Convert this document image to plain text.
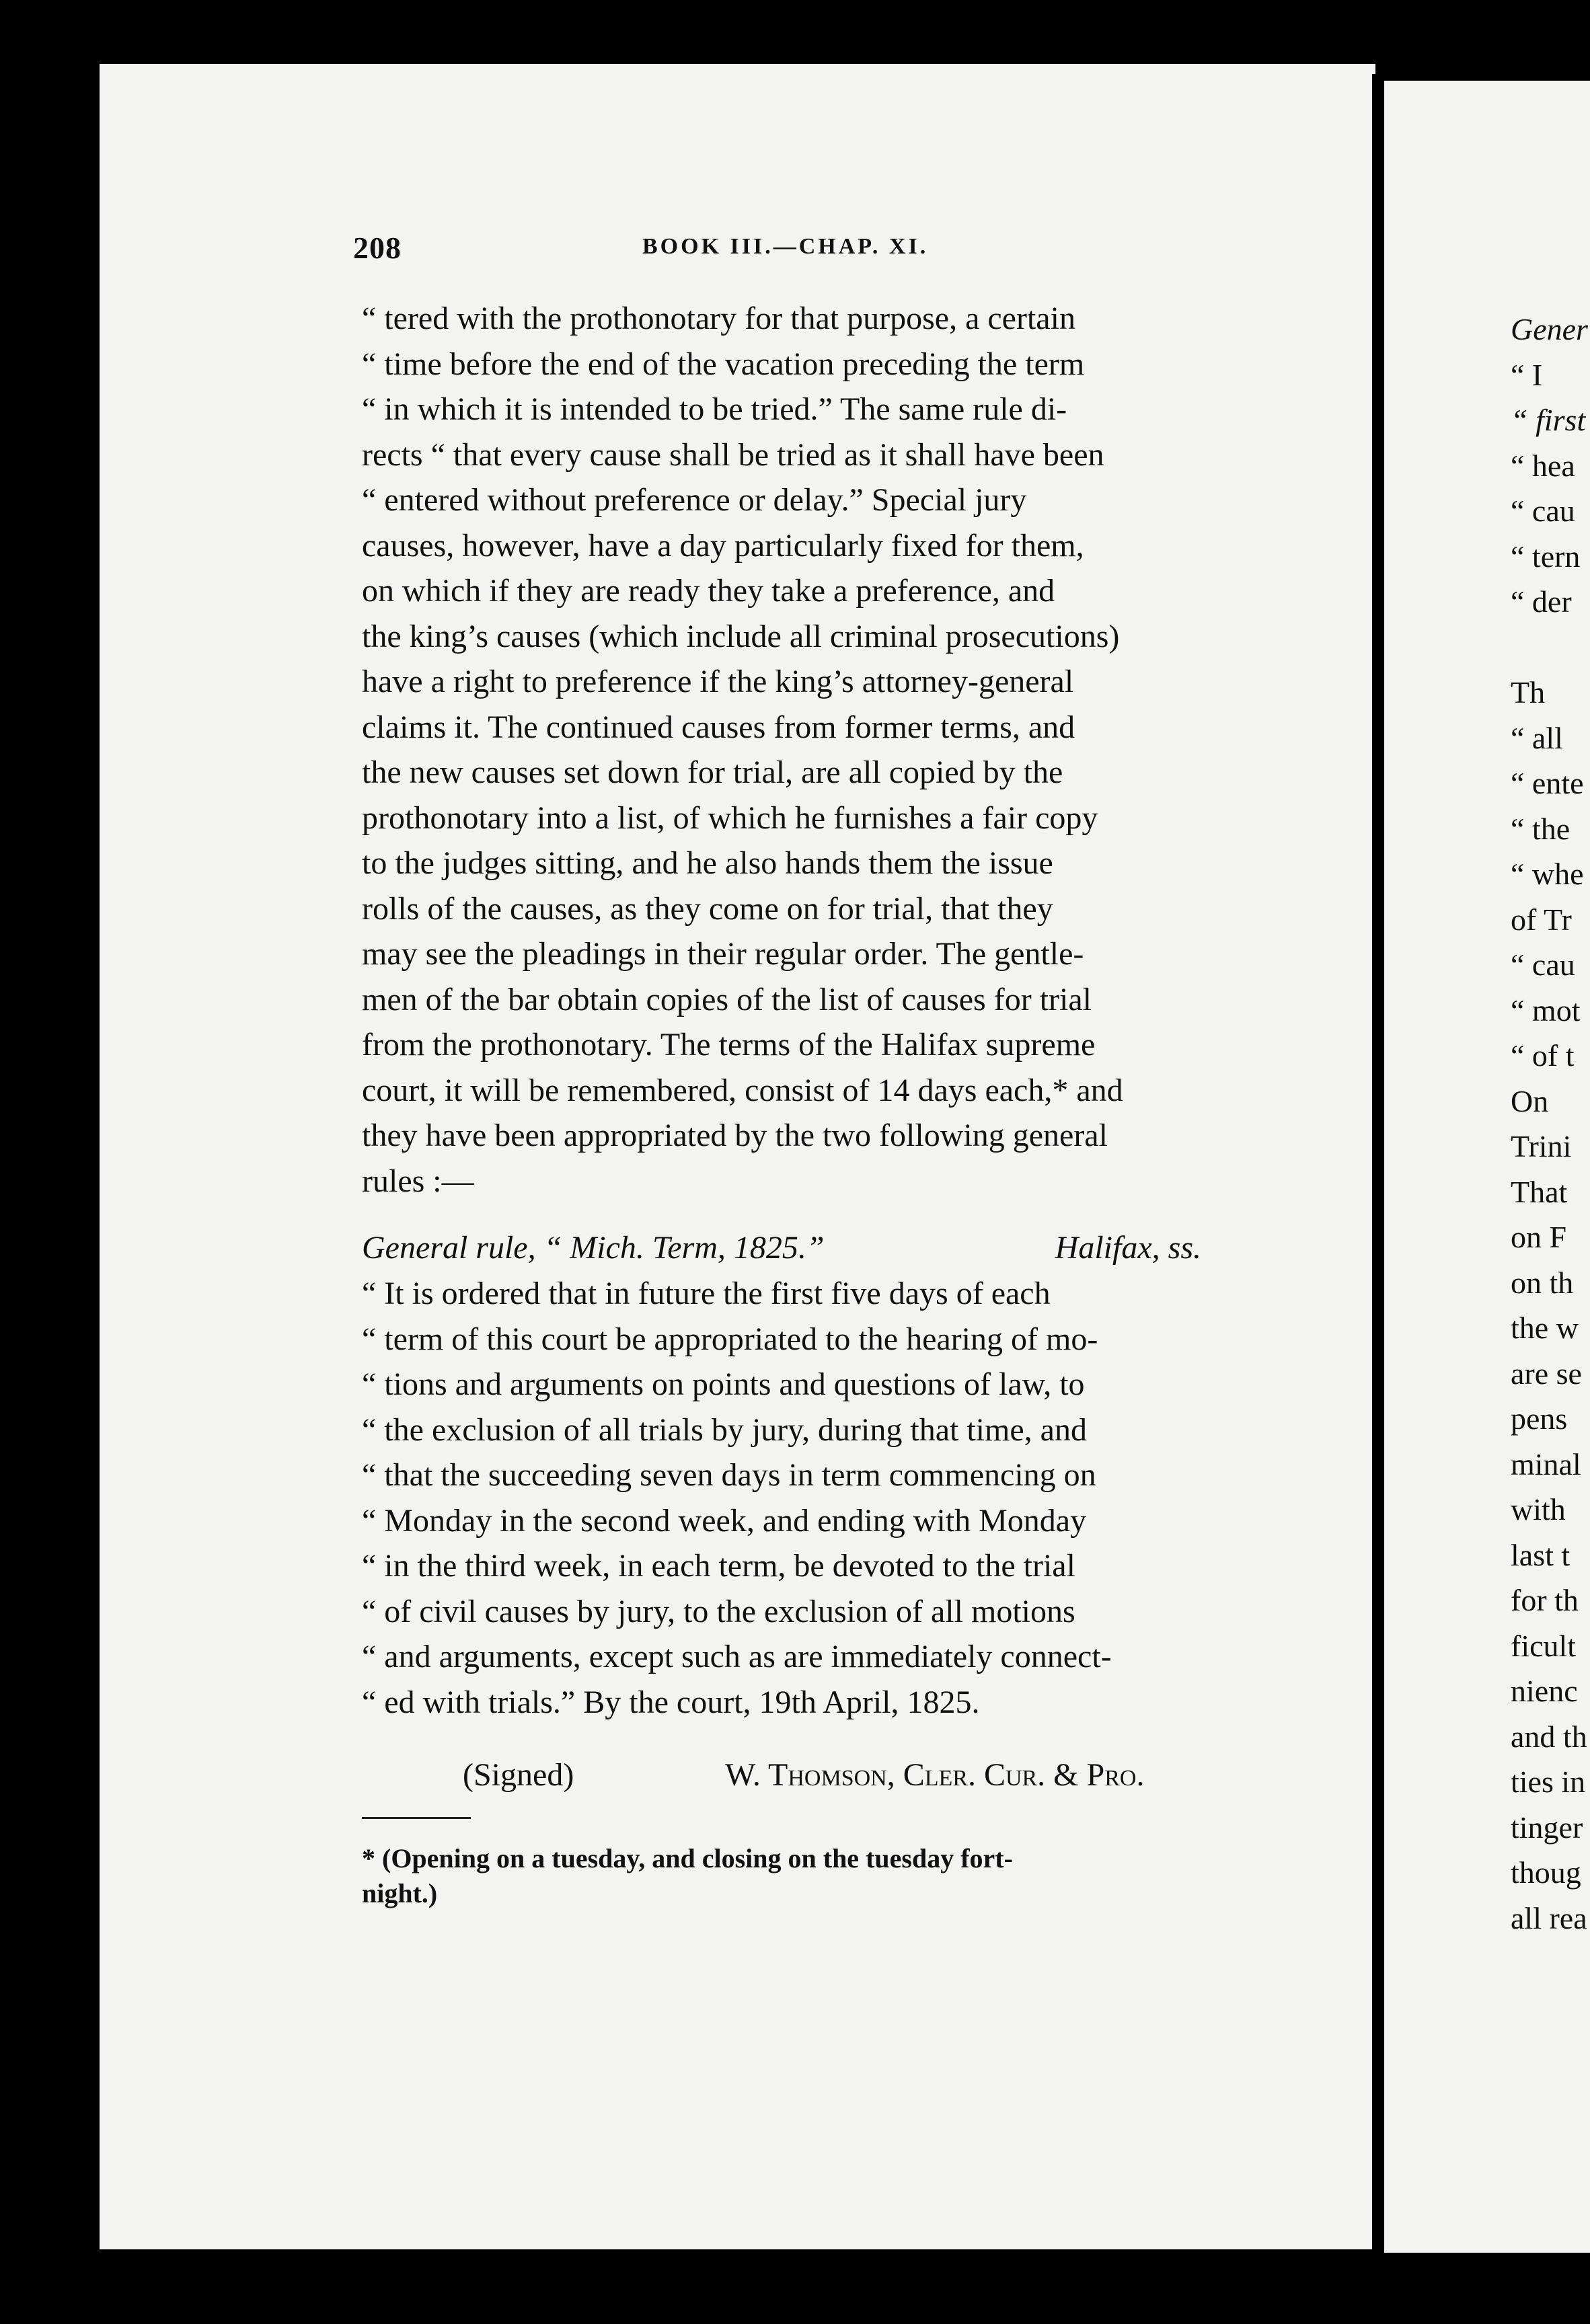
208	BOOK III.—CHAP. XI.

“ tered with the prothonotary for that purpose, a certain

“ time before the end of the vacation preceding the term

“ in which it is intended to be tried.” The same rule di-

rects “ that every cause shall be tried as it shall have been

“ entered without preference or delay.” Special jury

causes, however, have a day particularly fixed for them,

on which if they are ready they take a preference, and

the king’s causes (which include all criminal prosecutions)

have a right to preference if the king’s attorney-general

claims it. The continued causes from former terms, and

the new causes set down for trial, are all copied by the

prothonotary into a list, of which he furnishes a fair copy

to the judges sitting, and he also hands them the issue

rolls of the causes, as they come on for trial, that they

may see the pleadings in their regular order. The gentle-

men of the bar obtain copies of the list of causes for trial

from the prothonotary. The terms of the Halifax supreme

court, it will be remembered, consist of 14 days each,* and

they have been appropriated by the two following general

rules :—

General rule, “ Mich. Term, 1825.”	Halifax, ss.

“ It is ordered that in future the first five days of each

“ term of this court be appropriated to the hearing of mo-

“ tions and arguments on points and questions of law, to

“ the exclusion of all trials by jury, during that time, and

“ that the succeeding seven days in term commencing on

“ Monday in the second week, and ending with Monday

“ in the third week, in each term, be devoted to the trial

“ of civil causes by jury, to the exclusion of all motions

“ and arguments, except such as are immediately connect-

“ ed with trials.” By the court, 19th April, 1825.

(Signed)	W. Thomson, Cler. Cur. & Pro.
* (Opening on a tuesday, and closing on the tuesday fort-
night.)
Gener
“ I
“ first
“ hea
“ cau
“ tern
“ der
Th
“ all
“ ente
“ the
“ whe
of Tr
“ cau
“ mot
“ of t
On
Trini
That
on F
on th
the w
are se
pens
minal
with
last t
for th
ficult
nienc
and th
ties in
tinger
thoug
all rea
